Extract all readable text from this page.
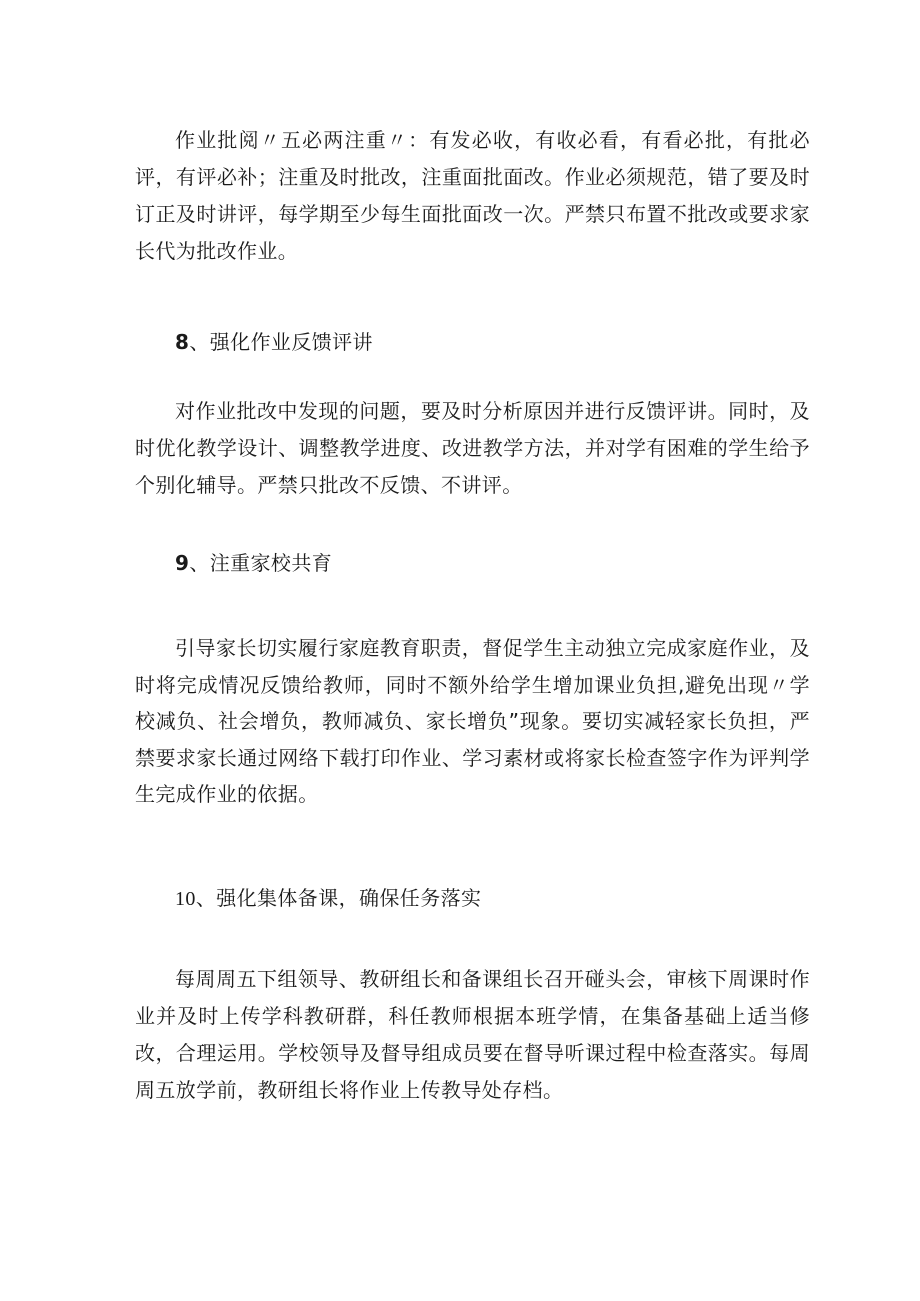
作业批阅〃五必两注重〃：有发必收，有收必看，有看必批，有批必评，有评必补；注重及时批改，注重面批面改。作业必须规范，错了要及时订正及时讲评，每学期至少每生面批面改一次。严禁只布置不批改或要求家长代为批改作业。

8、强化作业反馈评讲

对作业批改中发现的问题，要及时分析原因并进行反馈评讲。同时，及时优化教学设计、调整教学进度、改进教学方法，并对学有困难的学生给予个别化辅导。严禁只批改不反馈、不讲评。

9、注重家校共育

引导家长切实履行家庭教育职责，督促学生主动独立完成家庭作业，及时将完成情况反馈给教师，同时不额外给学生增加课业负担,避免出现〃学校减负、社会增负，教师减负、家长增负”现象。要切实减轻家长负担，严禁要求家长通过网络下载打印作业、学习素材或将家长检查签字作为评判学生完成作业的依据。

10、强化集体备课，确保任务落实

每周周五下组领导、教研组长和备课组长召开碰头会，审核下周课时作业并及时上传学科教研群，科任教师根据本班学情，在集备基础上适当修改，合理运用。学校领导及督导组成员要在督导听课过程中检查落实。每周周五放学前，教研组长将作业上传教导处存档。
